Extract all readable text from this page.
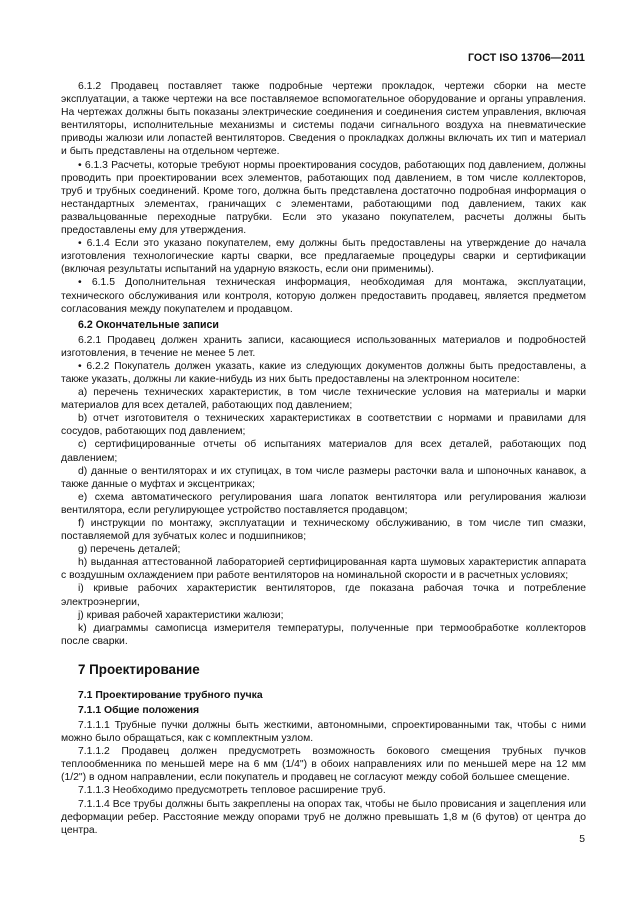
ГОСТ ISO 13706—2011

6.1.2 Продавец поставляет также подробные чертежи прокладок, чертежи сборки на месте эксплуатации, а также чертежи на все поставляемое вспомогательное оборудование и органы управления. На чертежах должны быть показаны электрические соединения и соединения систем управления, включая вентиляторы, исполнительные механизмы и системы подачи сигнального воздуха на пневматические приводы жалюзи или лопастей вентиляторов. Сведения о прокладках должны включать их тип и материал и быть представлены на отдельном чертеже.

• 6.1.3 Расчеты, которые требуют нормы проектирования сосудов, работающих под давлением, должны проводить при проектировании всех элементов, работающих под давлением, в том числе коллекторов, труб и трубных соединений. Кроме того, должна быть представлена достаточно подробная информация о нестандартных элементах, граничащих с элементами, работающими под давлением, таких как развальцованные переходные патрубки. Если это указано покупателем, расчеты должны быть предоставлены ему для утверждения.

• 6.1.4 Если это указано покупателем, ему должны быть предоставлены на утверждение до начала изготовления технологические карты сварки, все предлагаемые процедуры сварки и сертификации (включая результаты испытаний на ударную вязкость, если они применимы).

• 6.1.5 Дополнительная техническая информация, необходимая для монтажа, эксплуатации, технического обслуживания или контроля, которую должен предоставить продавец, является предметом согласования между покупателем и продавцом.

6.2 Окончательные записи

6.2.1 Продавец должен хранить записи, касающиеся использованных материалов и подробностей изготовления, в течение не менее 5 лет.

• 6.2.2 Покупатель должен указать, какие из следующих документов должны быть предоставлены, а также указать, должны ли какие-нибудь из них быть предоставлены на электронном носителе:

a) перечень технических характеристик, в том числе технические условия на материалы и марки материалов для всех деталей, работающих под давлением;

b) отчет изготовителя о технических характеристиках в соответствии с нормами и правилами для сосудов, работающих под давлением;

c) сертифицированные отчеты об испытаниях материалов для всех деталей, работающих под давлением;

d) данные о вентиляторах и их ступицах, в том числе размеры расточки вала и шпоночных канавок, а также данные о муфтах и эксцентриках;

e) схема автоматического регулирования шага лопаток вентилятора или регулирования жалюзи вентилятора, если регулирующее устройство поставляется продавцом;

f) инструкции по монтажу, эксплуатации и техническому обслуживанию, в том числе тип смазки, поставляемой для зубчатых колес и подшипников;

g) перечень деталей;

h) выданная аттестованной лабораторией сертифицированная карта шумовых характеристик аппарата с воздушным охлаждением при работе вентиляторов на номинальной скорости и в расчетных условиях;

i) кривые рабочих характеристик вентиляторов, где показана рабочая точка и потребление электроэнергии,

j) кривая рабочей характеристики жалюзи;

k) диаграммы самописца измерителя температуры, полученные при термообработке коллекторов после сварки.

7 Проектирование
7.1 Проектирование трубного пучка
7.1.1 Общие положения

7.1.1.1 Трубные пучки должны быть жесткими, автономными, спроектированными так, чтобы с ними можно было обращаться, как с комплектным узлом.

7.1.1.2 Продавец должен предусмотреть возможность бокового смещения трубных пучков теплообменника по меньшей мере на 6 мм (1/4") в обоих направлениях или по меньшей мере на 12 мм (1/2") в одном направлении, если покупатель и продавец не согласуют между собой большее смещение.

7.1.1.3 Необходимо предусмотреть тепловое расширение труб.

7.1.1.4 Все трубы должны быть закреплены на опорах так, чтобы не было провисания и зацепления или деформации ребер. Расстояние между опорами труб не должно превышать 1,8 м (6 футов) от центра до центра.

5
